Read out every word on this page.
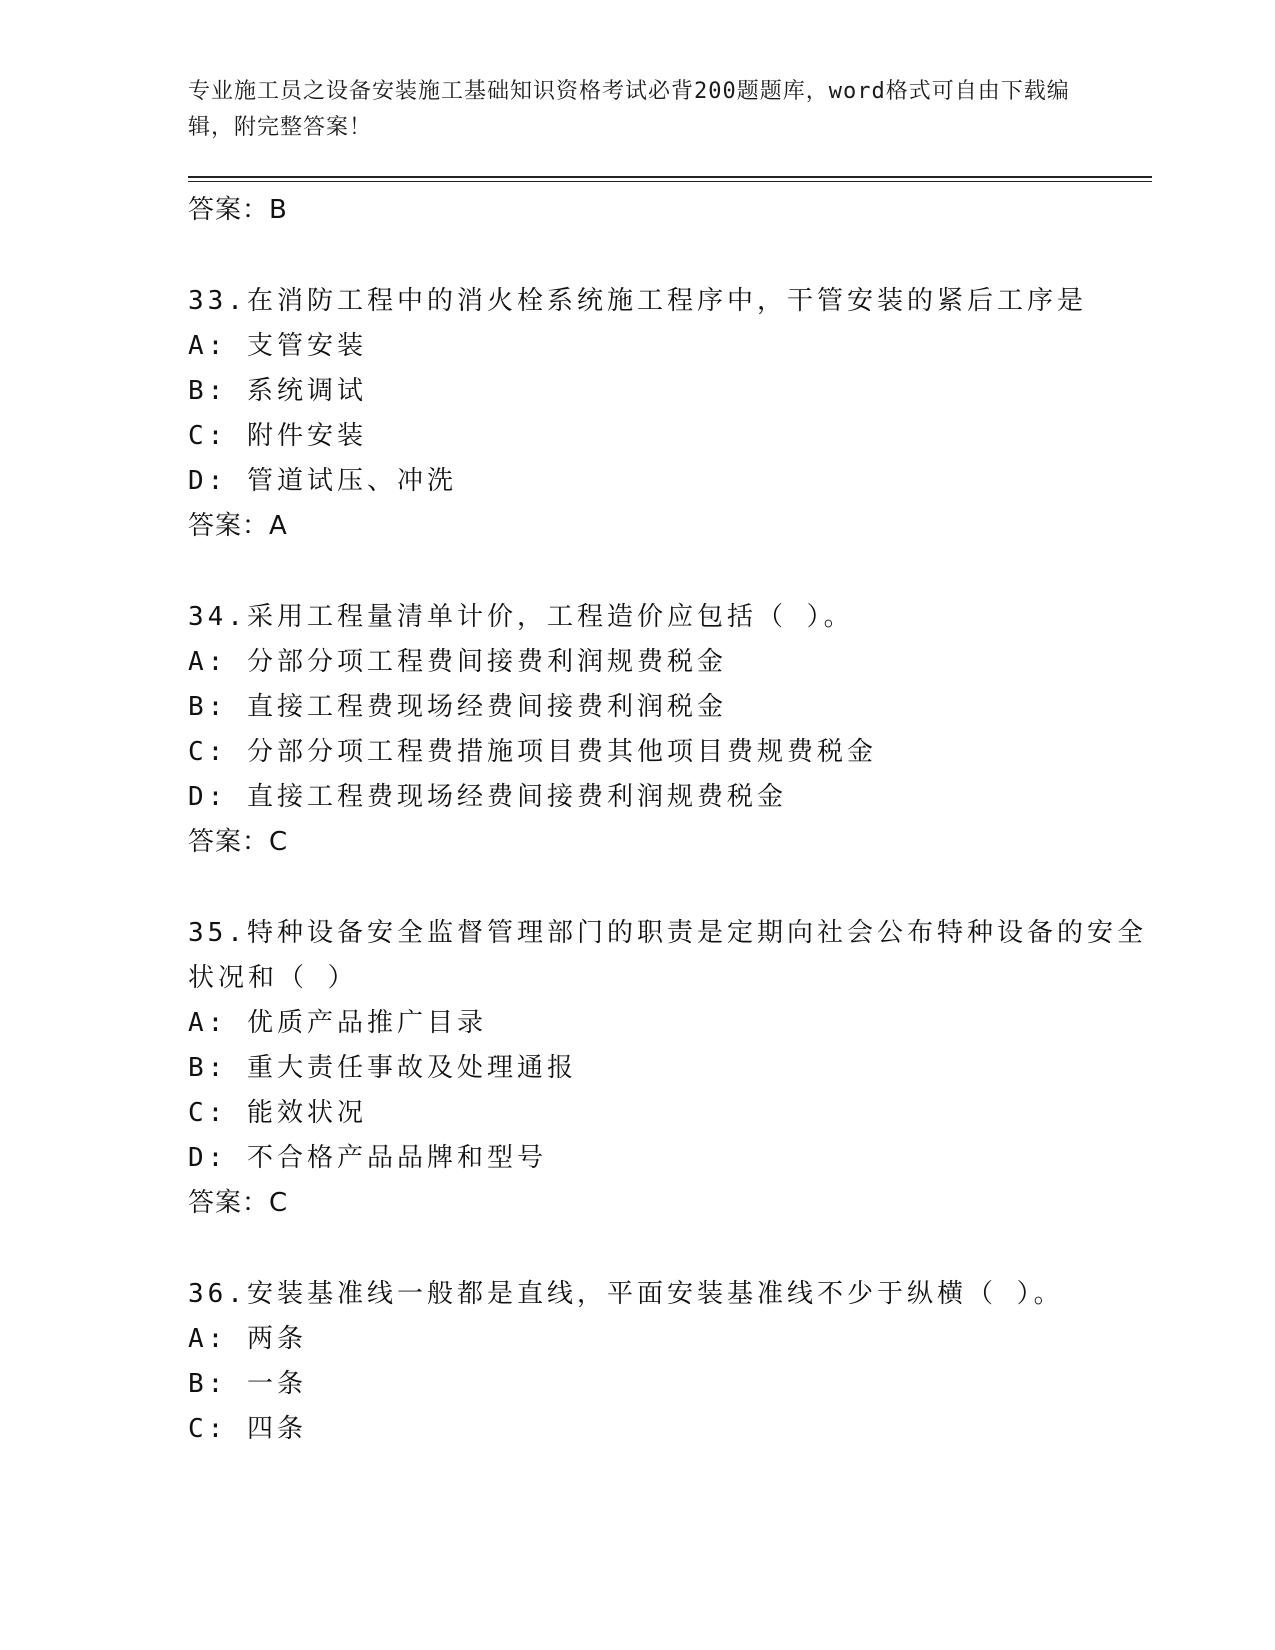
专业施工员之设备安装施工基础知识资格考试必背200题题库，word格式可自由下载编辑，附完整答案！
答案：B
33.在消防工程中的消火栓系统施工程序中，干管安装的紧后工序是
A: 支管安装
B: 系统调试
C: 附件安装
D: 管道试压、冲洗
答案：A
34.采用工程量清单计价，工程造价应包括（ ）。
A: 分部分项工程费间接费利润规费税金
B: 直接工程费现场经费间接费利润税金
C: 分部分项工程费措施项目费其他项目费规费税金
D: 直接工程费现场经费间接费利润规费税金
答案：C
35.特种设备安全监督管理部门的职责是定期向社会公布特种设备的安全状况和（ ）
A: 优质产品推广目录
B: 重大责任事故及处理通报
C: 能效状况
D: 不合格产品品牌和型号
答案：C
36.安装基准线一般都是直线，平面安装基准线不少于纵横（ ）。
A: 两条
B: 一条
C: 四条
